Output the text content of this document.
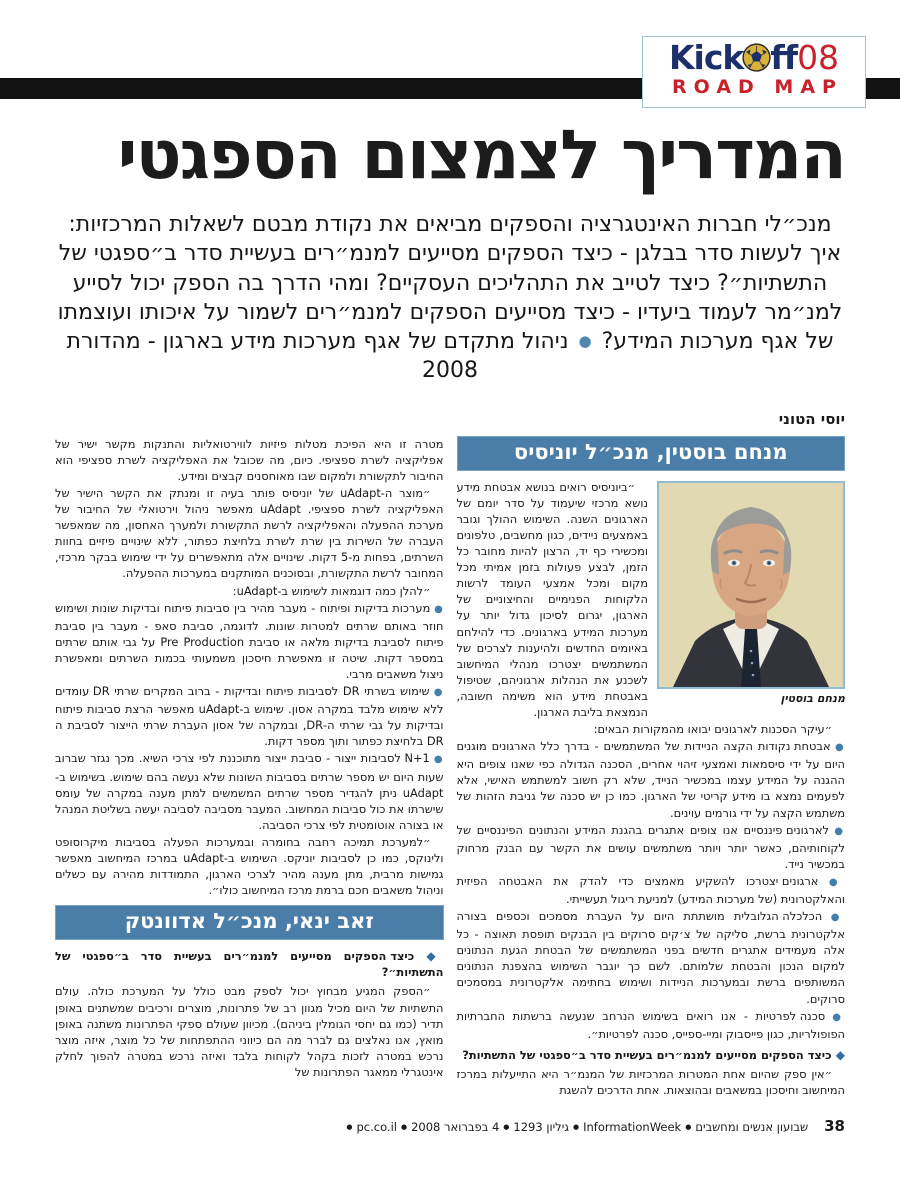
Kick ff08
ROAD MAP
המדריך לצמצום הספגטי

מנכ״לי חברות האינטגרציה והספקים מביאים את נקודת מבטם לשאלות המרכזיות: איך לעשות סדר בבלגן - כיצד הספקים מסייעים למנמ״רים בעשיית סדר ב״ספגטי של התשתיות״? כיצד לטייב את התהליכים העסקיים? ומהי הדרך בה הספק יכול לסייע למנ״מר לעמוד ביעדיו - כיצד מסייעים הספקים למנמ״רים לשמור על איכותו ועוצמתו של אגף מערכות המידע? ● ניהול מתקדם של אגף מערכות מידע בארגון - מהדורת 2008

יוסי הטוני
מנחם בוסטין, מנכ״ל יוניסיס
מנחם בוסטין
״ביוניסיס רואים בנושא אבטחת מידע נושא מרכזי שיעמוד על סדר יומם של הארגונים השנה. השימוש ההולך וגובר באמצעים ניידים, כגון מחשבים, טלפונים ומכשירי כף יד, הרצון להיות מחובר כל הזמן, לבצע פעולות בזמן אמיתי מכל מקום ומכל אמצעי העומד לרשות הלקוחות הפנימיים והחיצוניים של הארגון, יגרום לסיכון גדול יותר על מערכות המידע בארגונים. כדי להילחם באיומים החדשים ולהיענות לצרכים של המשתמשים יצטרכו מנהלי המיחשוב לשכנע את הנהלות ארגוניהם, שטיפול באבטחת מידע הוא משימה חשובה, הנמצאת בליבת הארגון.
״עיקר הסכנות לארגונים יבואו מהמקורות הבאים:
● אבטחת נקודות הקצה הניידות של המשתמשים - בדרך כלל הארגונים מוגנים היום על ידי סיסמאות ואמצעי זיהוי אחרים, הסכנה הגדולה כפי שאנו צופים היא ההגנה על המידע עצמו במכשיר הנייד, שלא רק חשוב למשתמש האישי, אלא לפעמים נמצא בו מידע קריטי של הארגון. כמו כן יש סכנה של גניבת הזהות של משתמש הקצה על ידי גורמים עוינים.
● לארגונים פיננסיים אנו צופים אתגרים בהגנת המידע והנתונים הפיננסיים של לקוחותיהם, כאשר יותר ויותר משתמשים עושים את הקשר עם הבנק מרחוק במכשיר נייד.
● ארגונים יצטרכו להשקיע מאמצים כדי להדק את האבטחה הפיזית והאלקטרונית (של מערכות המידע) למניעת ריגול תעשייתי.
● הכלכלה הגלובלית מושתתת היום על העברת מסמכים וכספים בצורה אלקטרונית ברשת, סליקה של צ׳קים סרוקים בין הבנקים תופסת תאוצה - כל אלה מעמידים אתגרים חדשים בפני המשתמשים של הבטחת הגעת הנתונים למקום הנכון והבטחת שלמותם. לשם כך יוגבר השימוש בהצפנת הנתונים המשותפים ברשת ובמערכות הניידות ושימוש בחתימה אלקטרונית במסמכים סרוקים.
● סכנה לפרטיות - אנו רואים בשימוש הנרחב שנעשה ברשתות החברתיות הפופולריות, כגון פייסבוק ומיי-ספייס, סכנה לפרטיות״.
◆ כיצד הספקים מסייעים למנמ״רים בעשיית סדר ב״ספגטי של התשתיות?
״אין ספק שהיום אחת המטרות המרכזיות של המנמ״ר היא התייעלות במרכז המיחשוב וחיסכון במשאבים ובהוצאות. אחת הדרכים להשגת
מטרה זו היא הפיכת מטלות פיזיות לווירטואליות והתנקות מקשר ישיר של אפליקציה לשרת ספציפי. כיום, מה שכובל את האפליקציה לשרת ספציפי הוא החיבור לתקשורת ולמקום שבו מאוחסנים קבצים ומידע.
״מוצר ה-uAdapt של יוניסיס פותר בעיה זו ומנתק את הקשר הישיר של האפליקציה לשרת ספציפי. uAdapt מאפשר ניהול וירטואלי של החיבור של מערכת ההפעלה והאפליקציה לרשת התקשורת ולמערך האחסון, מה שמאפשר העברה של השירות בין שרת לשרת בלחיצת כפתור, ללא שינויים פיזיים בחוות השרתים, בפחות מ-5 דקות. שינויים אלה מתאפשרים על ידי שימוש בבקר מרכזי, המחובר לרשת התקשורת, ובסוכנים המותקנים במערכות ההפעלה.
״להלן כמה דוגמאות לשימוש ב-uAdapt:
● מערכות בדיקות ופיתוח - מעבר מהיר בין סביבות פיתוח ובדיקות שונות ושימוש חוזר באותם שרתים למטרות שונות. לדוגמה, סביבת סאפ - מעבר בין סביבת פיתוח לסביבת בדיקות מלאה או סביבת Pre Production על גבי אותם שרתים במספר דקות. שיטה זו מאפשרת חיסכון משמעותי בכמות השרתים ומאפשרת ניצול משאבים מרבי.
● שימוש בשרתי DR לסביבות פיתוח ובדיקות - ברוב המקרים שרתי DR עומדים ללא שימוש מלבד במקרה אסון. שימוש ב-uAdapt מאפשר הרצת סביבות פיתוח ובדיקות על גבי שרתי ה-DR, ובמקרה של אסון העברת שרתי הייצור לסביבת ה DR בלחיצת כפתור ותוך מספר דקות.
● N+1 לסביבות ייצור - סביבת ייצור מתוכננת לפי צרכי השיא. מכך נגזר שברוב שעות היום יש מספר שרתים בסביבות השונות שלא נעשה בהם שימוש. בשימוש ב-uAdapt ניתן להגדיר מספר שרתים המשמשים למתן מענה במקרה של עומס שישרתו את כול סביבות המחשוב. המעבר מסביבה לסביבה יעשה בשליטת המנהל או בצורה אוטומטית לפי צרכי הסביבה.
״למערכת תמיכה רחבה בחומרה ובמערכות הפעלה בסביבות מיקרוסופט ולינוקס, כמו כן לסביבות יוניקס. השימוש ב-uAdapt במרכז המיחשוב מאפשר גמישות מרבית, מתן מענה מהיר לצרכי הארגון, התמודדות מהירה עם כשלים וניהול משאבים חכם ברמת מרכז המיחשוב כולו״.
זאב ינאי, מנכ״ל אדוונטק
◆ כיצד הספקים מסייעים למנמ״רים בעשיית סדר ב״ספגטי של התשתיות״?
״הספק המגיע מבחוץ יכול לספק מבט כולל על המערכת כולה. עולם התשתיות של היום מכיל מגוון רב של פתרונות, מוצרים ורכיבים שמשתנים באופן תדיר (כמו גם יחסי הגומלין ביניהם). מכיוון שעולם ספקי הפתרונות משתנה באופן מואץ, אנו נאלצים גם לברר מה הם כיווני ההתפתחות של כל מוצר, איזה מוצר נרכש במטרה לזכות בקהל לקוחות בלבד ואיזה נרכש במטרה להפוך לחלק אינטגרלי ממאגר הפתרונות של
38שבועון אנשים ומחשבים●InformationWeek●גיליון 1293●4 בפברואר 2008●pc.co.il●
